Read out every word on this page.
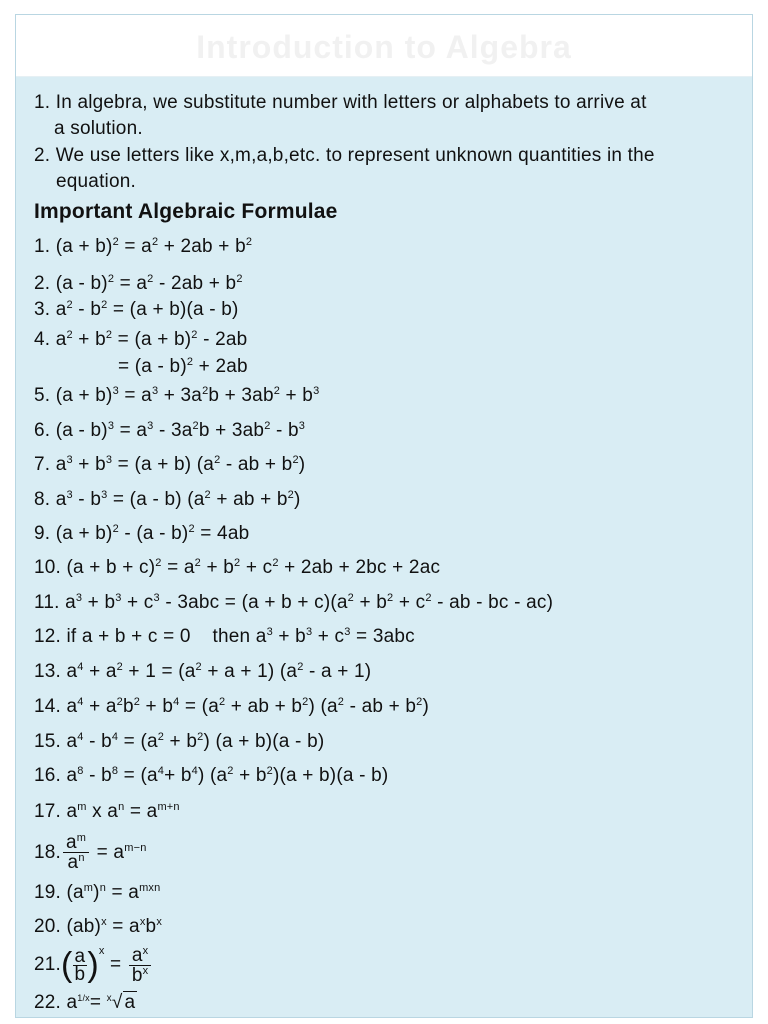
Introduction to Algebra
1. In algebra, we substitute number with letters or alphabets to arrive at
a solution.
2. We use letters like x,m,a,b,etc. to represent unknown quantities in the
equation.
Important Algebraic Formulae
1. $(a + b)^2 = a^2 + 2ab + b^2$
2. $(a - b)^2 = a^2 - 2ab + b^2$
3. $a^2 - b^2 = (a + b)(a - b)$
4. $a^2 + b^2 = (a + b)^2 - 2ab$
= (a - b)$^2$ + 2ab
5. $(a + b)^3 = a^3 + 3a^2b + 3ab^2 + b^3$
6. $(a - b)^3 = a^3 - 3a^2b + 3ab^2 - b^3$
7. $a^3 + b^3 = (a + b)$ ($a^2$ - ab + $b^2$)
8. $a^3 - b^3 = (a - b) (a^2$ + ab + $b^2$)
9. $(a + b)^2 - (a - b)^2 = 4ab$
10. $(a + b + c)^2 = a^2 + b^2 + c^2 + 2ab + 2bc + 2ac$
11. $a^3 + b^3 + c^3 - 3abc = (a + b + c)(a^2 + b^2 + c^2$ - ab - bc - ac)
12. if a + b + c = 0    then $a^3 + b^3 + c^3 = 3abc$
13. $a^4 + a^2 + 1 = (a^2 + a + 1)$ $(a^2 - a + 1)$
14. $a^4 + a^2b^2 + b^4 = (a^2$ + ab + $b^2$) ($a^2$ - ab + $b^2$)
15. $a^4 - b^4 = (a^2 + b^2) (a + b)(a - b)$
16. $a^8 - b^8 = (a^4+ b^4) (a^2 + b^2)(a + b)(a - b)$
17. $a^m$ x $a^n = a^{m+n}$
18. $\frac{a^m}{a^n} = a^{m-n}$
19. $(a^m)^n = a^{mxn}$
20. $(ab)^x = a^xb^x$
$21.( \frac{a}{b} )^x = \frac{a^x}{b^x}$
22. $a^{1/x}= ^x√$ a
